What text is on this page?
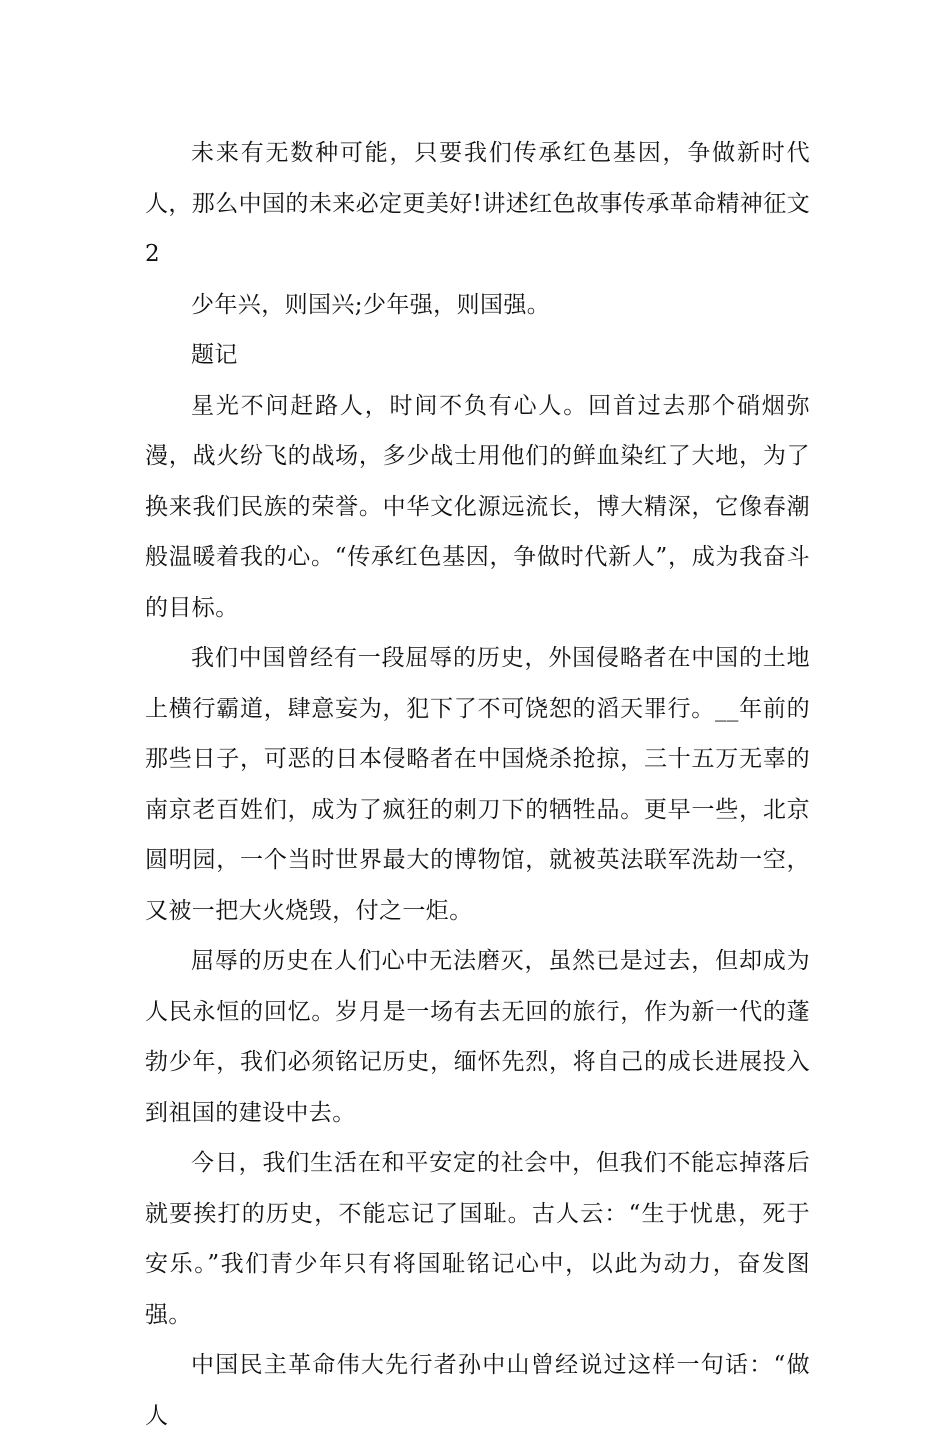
未来有无数种可能，只要我们传承红色基因，争做新时代人，那么中国的未来必定更美好!讲述红色故事传承革命精神征文2

少年兴，则国兴;少年强，则国强。

题记

星光不问赶路人，时间不负有心人。回首过去那个硝烟弥漫，战火纷飞的战场，多少战士用他们的鲜血染红了大地，为了换来我们民族的荣誉。中华文化源远流长，博大精深，它像春潮般温暖着我的心。“传承红色基因，争做时代新人”，成为我奋斗的目标。

我们中国曾经有一段屈辱的历史，外国侵略者在中国的土地上横行霸道，肆意妄为，犯下了不可饶恕的滔天罪行。__年前的那些日子，可恶的日本侵略者在中国烧杀抢掠，三十五万无辜的南京老百姓们，成为了疯狂的刺刀下的牺牲品。更早一些，北京圆明园，一个当时世界最大的博物馆，就被英法联军洗劫一空，又被一把大火烧毁，付之一炬。

屈辱的历史在人们心中无法磨灭，虽然已是过去，但却成为人民永恒的回忆。岁月是一场有去无回的旅行，作为新一代的蓬勃少年，我们必须铭记历史，缅怀先烈，将自己的成长进展投入到祖国的建设中去。

今日，我们生活在和平安定的社会中，但我们不能忘掉落后就要挨打的历史，不能忘记了国耻。古人云：“生于忧患，死于安乐。”我们青少年只有将国耻铭记心中，以此为动力，奋发图强。

中国民主革命伟大先行者孙中山曾经说过这样一句话：“做人
